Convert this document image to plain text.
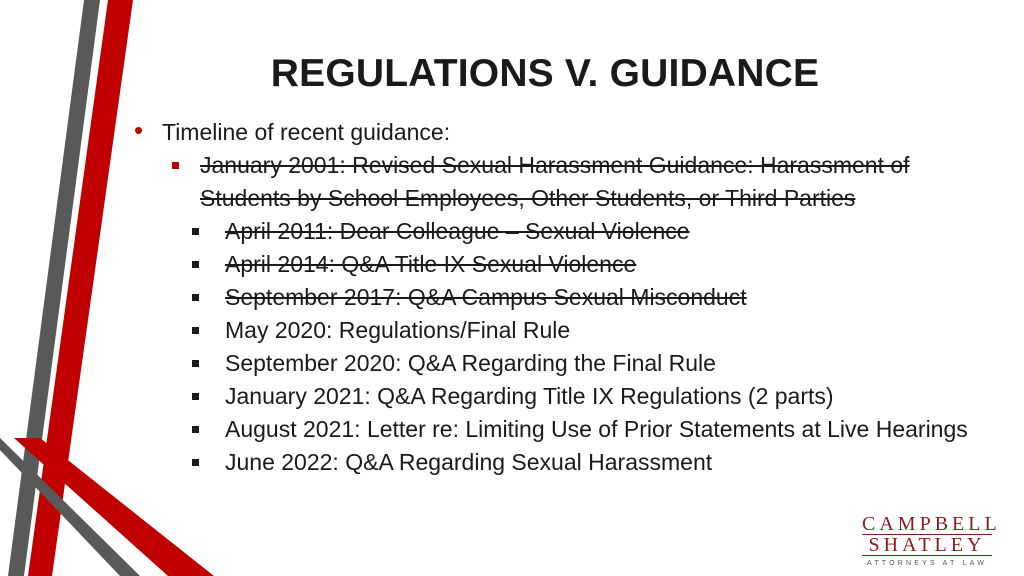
REGULATIONS V. GUIDANCE
• Timeline of recent guidance:
January 2001: Revised Sexual Harassment Guidance: Harassment of Students by School Employees, Other Students, or Third Parties
April 2011: Dear Colleague – Sexual Violence
April 2014: Q&A Title IX Sexual Violence
September 2017: Q&A Campus Sexual Misconduct
May 2020: Regulations/Final Rule
September 2020: Q&A Regarding the Final Rule
January 2021: Q&A Regarding Title IX Regulations (2 parts)
August 2021: Letter re: Limiting Use of Prior Statements at Live Hearings
June 2022: Q&A Regarding Sexual Harassment
CAMPBELL
SHATLEY
ATTORNEYS AT LAW
